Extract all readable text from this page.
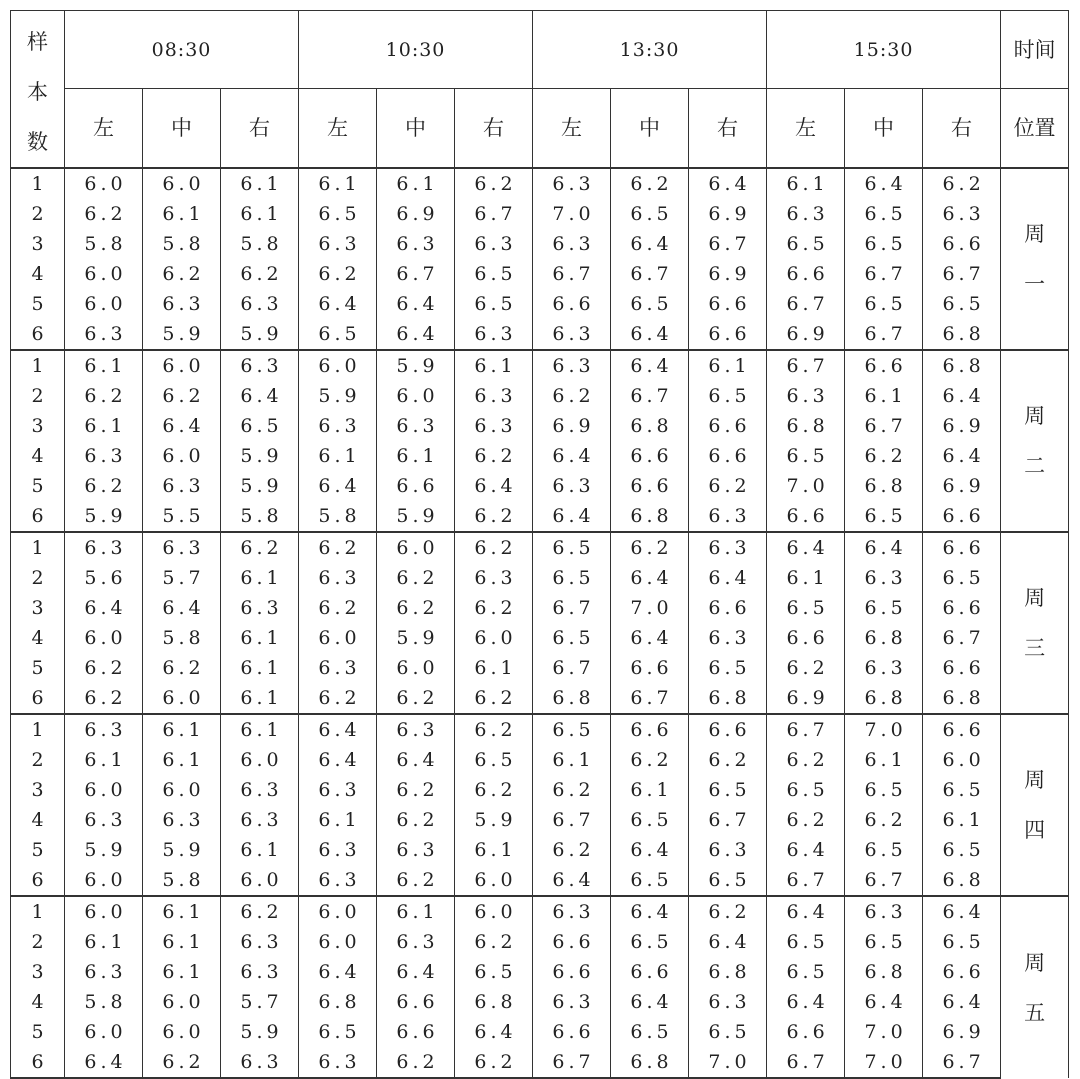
样
本
数	08:30			10:30			13:30			15:30			时间
	左	中	右	左	中	右	左	中	右	左	中	右	位置
1	6.0	6.0	6.1	6.1	6.1	6.2	6.3	6.2	6.4	6.1	6.4	6.2	周
一

2	6.2	6.1	6.1	6.5	6.9	6.7	7.0	6.5	6.9	6.3	6.5	6.3	
3	5.8	5.8	5.8	6.3	6.3	6.3	6.3	6.4	6.7	6.5	6.5	6.6	
4	6.0	6.2	6.2	6.2	6.7	6.5	6.7	6.7	6.9	6.6	6.7	6.7	
5	6.0	6.3	6.3	6.4	6.4	6.5	6.6	6.5	6.6	6.7	6.5	6.5	
6	6.3	5.9	5.9	6.5	6.4	6.3	6.3	6.4	6.6	6.9	6.7	6.8	
1	6.1	6.0	6.3	6.0	5.9	6.1	6.3	6.4	6.1	6.7	6.6	6.8	周
二

2	6.2	6.2	6.4	5.9	6.0	6.3	6.2	6.7	6.5	6.3	6.1	6.4	
3	6.1	6.4	6.5	6.3	6.3	6.3	6.9	6.8	6.6	6.8	6.7	6.9	
4	6.3	6.0	5.9	6.1	6.1	6.2	6.4	6.6	6.6	6.5	6.2	6.4	
5	6.2	6.3	5.9	6.4	6.6	6.4	6.3	6.6	6.2	7.0	6.8	6.9	
6	5.9	5.5	5.8	5.8	5.9	6.2	6.4	6.8	6.3	6.6	6.5	6.6	
1	6.3	6.3	6.2	6.2	6.0	6.2	6.5	6.2	6.3	6.4	6.4	6.6	周
三

2	5.6	5.7	6.1	6.3	6.2	6.3	6.5	6.4	6.4	6.1	6.3	6.5	
3	6.4	6.4	6.3	6.2	6.2	6.2	6.7	7.0	6.6	6.5	6.5	6.6	
4	6.0	5.8	6.1	6.0	5.9	6.0	6.5	6.4	6.3	6.6	6.8	6.7	
5	6.2	6.2	6.1	6.3	6.0	6.1	6.7	6.6	6.5	6.2	6.3	6.6	
6	6.2	6.0	6.1	6.2	6.2	6.2	6.8	6.7	6.8	6.9	6.8	6.8	
1	6.3	6.1	6.1	6.4	6.3	6.2	6.5	6.6	6.6	6.7	7.0	6.6	周
四

2	6.1	6.1	6.0	6.4	6.4	6.5	6.1	6.2	6.2	6.2	6.1	6.0	
3	6.0	6.0	6.3	6.3	6.2	6.2	6.2	6.1	6.5	6.5	6.5	6.5	
4	6.3	6.3	6.3	6.1	6.2	5.9	6.7	6.5	6.7	6.2	6.2	6.1	
5	5.9	5.9	6.1	6.3	6.3	6.1	6.2	6.4	6.3	6.4	6.5	6.5	
6	6.0	5.8	6.0	6.3	6.2	6.0	6.4	6.5	6.5	6.7	6.7	6.8	
1	6.0	6.1	6.2	6.0	6.1	6.0	6.3	6.4	6.2	6.4	6.3	6.4	周
五

2	6.1	6.1	6.3	6.0	6.3	6.2	6.6	6.5	6.4	6.5	6.5	6.5	
3	6.3	6.1	6.3	6.4	6.4	6.5	6.6	6.6	6.8	6.5	6.8	6.6	
4	5.8	6.0	5.7	6.8	6.6	6.8	6.3	6.4	6.3	6.4	6.4	6.4	
5	6.0	6.0	5.9	6.5	6.6	6.4	6.6	6.5	6.5	6.6	7.0	6.9	
6	6.4	6.2	6.3	6.3	6.2	6.2	6.7	6.8	7.0	6.7	7.0	6.7	
